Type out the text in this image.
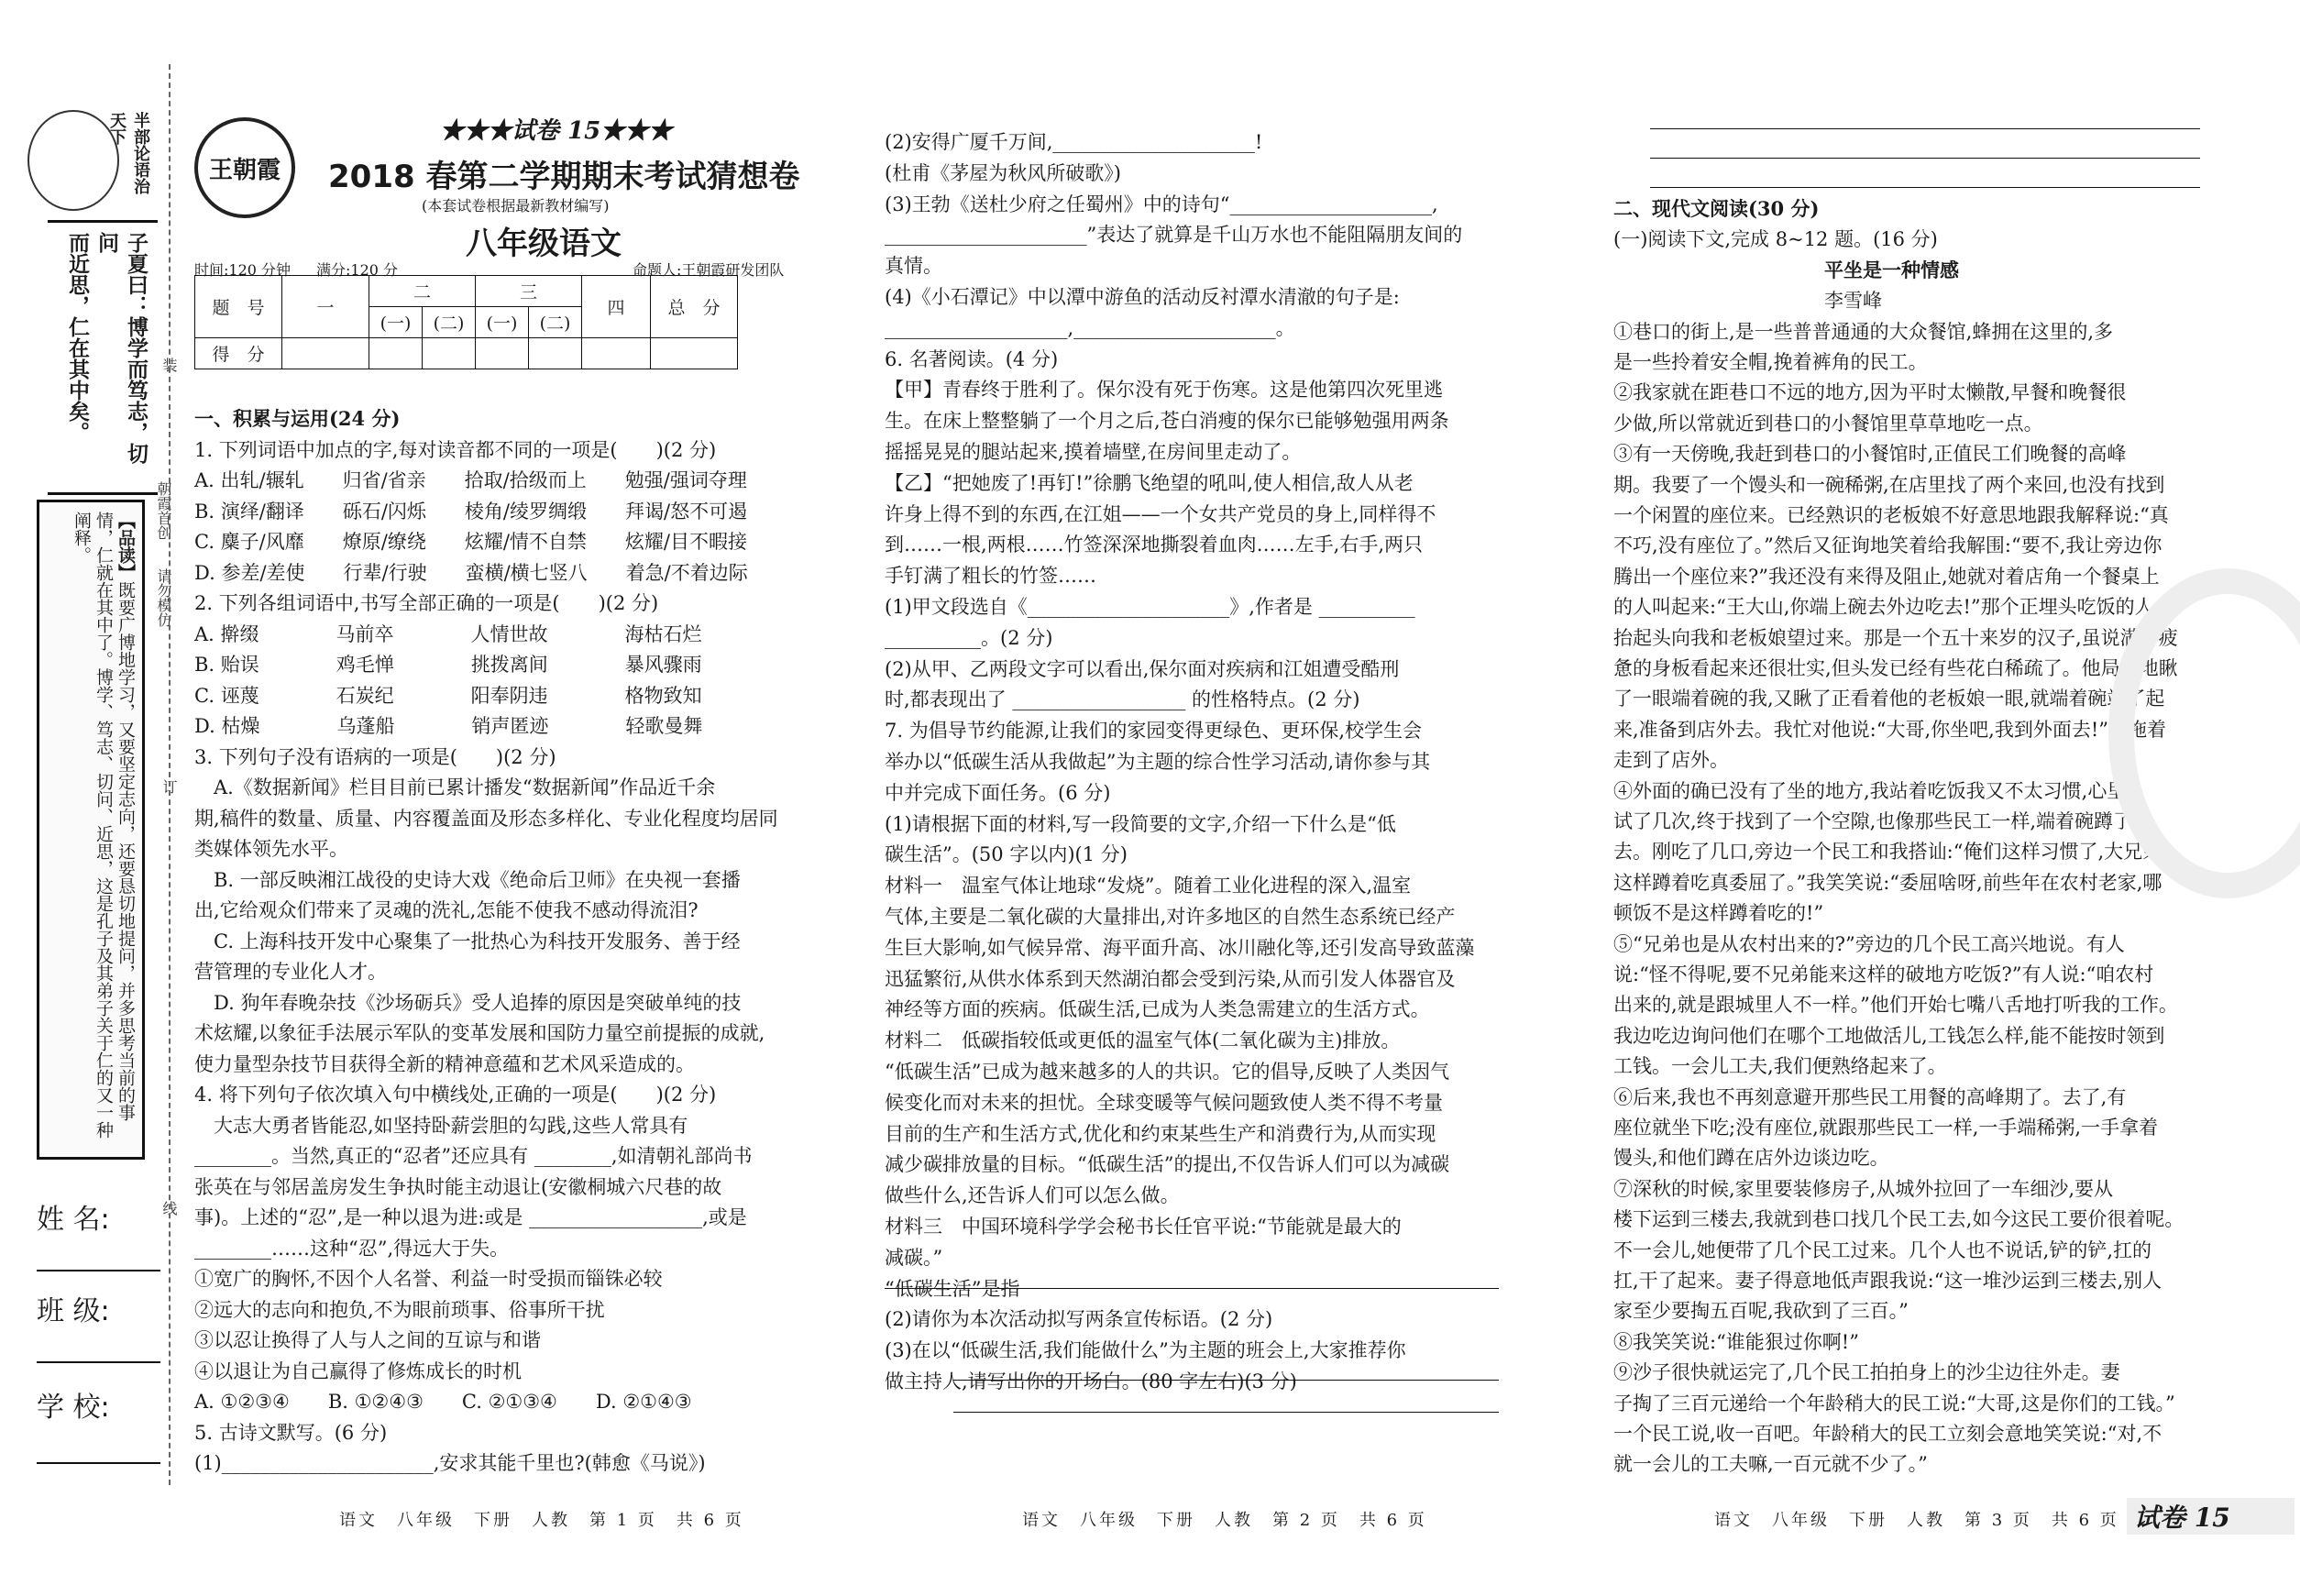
半部论语治天下
子夏曰：博学而笃志，切问
而近思，仁在其中矣。
【品读】既要广博地学习，又要坚定志向，还要恳切地提问，并多思考当前的事情，仁就在其中了。博学、笃志、切问、近思，这是孔子及其弟子关于仁的又一种阐释。	朝霞首创
请勿模仿
装
订
线
姓 名:
班 级:
学 校:
王朝霞
★★★试卷 15★★★
2018 春第二学期期末考试猜想卷
(本套试卷根据最新教材编写)
八年级语文
时间:120 分钟 满分:120 分	命题人:王朝霞研发团队
题　号	一	二		三		四	总　分
		(一)	(二)	(一)	(二)		
得　分							
一、积累与运用(24 分)
1. 下列词语中加点的字,每对读音都不同的一项是(　　)(2 分)
A. 出轧/辗轧　　归省/省亲　　拾取/拾级而上　　勉强/强词夺理
B. 演绎/翻译　　砾石/闪烁　　棱角/绫罗绸缎　　拜谒/怒不可遏
C. 麋子/风靡　　燎原/缭绕　　炫耀/情不自禁　　炫耀/目不暇接
D. 参差/差使　　行辈/行驶　　蛮横/横七竖八　　着急/不着边际
2. 下列各组词语中,书写全部正确的一项是(　　)(2 分)
A. 擀缀　　　　马前卒　　　　人情世故　　　　海枯石烂
B. 贻误　　　　鸡毛惮　　　　挑拨离间　　　　暴风骤雨
C. 诬蔑　　　　石炭纪　　　　阳奉阴违　　　　格物致知
D. 枯燥　　　　乌蓬船　　　　销声匿迹　　　　轻歌曼舞
3. 下列句子没有语病的一项是(　　)(2 分)
　A.《数据新闻》栏目目前已累计播发“数据新闻”作品近千余
期,稿件的数量、质量、内容覆盖面及形态多样化、专业化程度均居同
类媒体领先水平。
　B. 一部反映湘江战役的史诗大戏《绝命后卫师》在央视一套播
出,它给观众们带来了灵魂的洗礼,怎能不使我不感动得流泪?
　C. 上海科技开发中心聚集了一批热心为科技开发服务、善于经
营管理的专业化人才。
　D. 狗年春晚杂技《沙场砺兵》受人追捧的原因是突破单纯的技
术炫耀,以象征手法展示军队的变革发展和国防力量空前提振的成就,
使力量型杂技节目获得全新的精神意蕴和艺术风采造成的。
4. 将下列句子依次填入句中横线处,正确的一项是(　　)(2 分)
　大志大勇者皆能忍,如坚持卧薪尝胆的勾践,这些人常具有
________。当然,真正的“忍者”还应具有 ________,如清朝礼部尚书
张英在与邻居盖房发生争执时能主动退让(安徽桐城六尺巷的故
事)。上述的“忍”,是一种以退为进:或是 __________________,或是
________……这种“忍”,得远大于失。
①宽广的胸怀,不因个人名誉、利益一时受损而锱铢必较
②远大的志向和抱负,不为眼前琐事、俗事所干扰
③以忍让换得了人与人之间的互谅与和谐
④以退让为自己赢得了修炼成长的时机
A. ①②③④　　B. ①②④③　　C. ②①③④　　D. ②①④③
5. 古诗文默写。(6 分)
(1)______________________,安求其能千里也?(韩愈《马说》)
(2)安得广厦千万间,_____________________!
(杜甫《茅屋为秋风所破歌》)
(3)王勃《送杜少府之任蜀州》中的诗句“_____________________,
_____________________”表达了就算是千山万水也不能阻隔朋友间的
真情。
(4)《小石潭记》中以潭中游鱼的活动反衬潭水清澈的句子是:
___________________,_____________________。
6. 名著阅读。(4 分)
【甲】青春终于胜利了。保尔没有死于伤寒。这是他第四次死里逃
生。在床上整整躺了一个月之后,苍白消瘦的保尔已能够勉强用两条
摇摇晃晃的腿站起来,摸着墙壁,在房间里走动了。
【乙】“把她废了!再钉!”徐鹏飞绝望的吼叫,使人相信,敌人从老
许身上得不到的东西,在江姐——一个女共产党员的身上,同样得不
到……一根,两根……竹签深深地撕裂着血肉……左手,右手,两只
手钉满了粗长的竹签……
(1)甲文段选自《_____________________》,作者是 __________
__________。(2 分)
(2)从甲、乙两段文字可以看出,保尔面对疾病和江姐遭受酷刑
时,都表现出了 __________________ 的性格特点。(2 分)
7. 为倡导节约能源,让我们的家园变得更绿色、更环保,校学生会
举办以“低碳生活从我做起”为主题的综合性学习活动,请你参与其
中并完成下面任务。(6 分)
(1)请根据下面的材料,写一段简要的文字,介绍一下什么是“低
碳生活”。(50 字以内)(1 分)
材料一　温室气体让地球“发烧”。随着工业化进程的深入,温室
气体,主要是二氧化碳的大量排出,对许多地区的自然生态系统已经产
生巨大影响,如气候异常、海平面升高、冰川融化等,还引发高导致蓝藻
迅猛繁衍,从供水体系到天然湖泊都会受到污染,从而引发人体器官及
神经等方面的疾病。低碳生活,已成为人类急需建立的生活方式。
材料二　低碳指较低或更低的温室气体(二氧化碳为主)排放。
“低碳生活”已成为越来越多的人的共识。它的倡导,反映了人类因气
候变化而对未来的担忧。全球变暖等气候问题致使人类不得不考量
目前的生产和生活方式,优化和约束某些生产和消费行为,从而实现
减少碳排放量的目标。“低碳生活”的提出,不仅告诉人们可以为减碳
做些什么,还告诉人们可以怎么做。
材料三　中国环境科学学会秘书长任官平说:“节能就是最大的
减碳。”
“低碳生活”是指
(2)请你为本次活动拟写两条宣传标语。(2 分)
(3)在以“低碳生活,我们能做什么”为主题的班会上,大家推荐你
做主持人,请写出你的开场白。(80 字左右)(3 分)
二、现代文阅读(30 分)
(一)阅读下文,完成 8~12 题。(16 分)
平坐是一种情感
李雪峰
①巷口的街上,是一些普普通通的大众餐馆,蜂拥在这里的,多
是一些拎着安全帽,挽着裤角的民工。
②我家就在距巷口不远的地方,因为平时太懒散,早餐和晚餐很
少做,所以常就近到巷口的小餐馆里草草地吃一点。
③有一天傍晚,我赶到巷口的小餐馆时,正值民工们晚餐的高峰
期。我要了一个馒头和一碗稀粥,在店里找了两个来回,也没有找到
一个闲置的座位来。已经熟识的老板娘不好意思地跟我解释说:“真
不巧,没有座位了。”然后又征询地笑着给我解围:“要不,我让旁边你
腾出一个座位来?”我还没有来得及阻止,她就对着店角一个餐桌上
的人叫起来:“王大山,你端上碗去外边吃去!”那个正埋头吃饭的人
抬起头向我和老板娘望过来。那是一个五十来岁的汉子,虽说满身疲
惫的身板看起来还很壮实,但头发已经有些花白稀疏了。他局促地瞅
了一眼端着碗的我,又瞅了正看着他的老板娘一眼,就端着碗站了起
来,准备到店外去。我忙对他说:“大哥,你坐吧,我到外面去!”就拖着
走到了店外。
④外面的确已没有了坐的地方,我站着吃饭我又不太习惯,心里
试了几次,终于找到了一个空隙,也像那些民工一样,端着碗蹲了下
去。刚吃了几口,旁边一个民工和我搭讪:“俺们这样习惯了,大兄弟
这样蹲着吃真委屈了。”我笑笑说:“委屈啥呀,前些年在农村老家,哪
顿饭不是这样蹲着吃的!”
⑤“兄弟也是从农村出来的?”旁边的几个民工高兴地说。有人
说:“怪不得呢,要不兄弟能来这样的破地方吃饭?”有人说:“咱农村
出来的,就是跟城里人不一样。”他们开始七嘴八舌地打听我的工作。
我边吃边询问他们在哪个工地做活儿,工钱怎么样,能不能按时领到
工钱。一会儿工夫,我们便熟络起来了。
⑥后来,我也不再刻意避开那些民工用餐的高峰期了。去了,有
座位就坐下吃;没有座位,就跟那些民工一样,一手端稀粥,一手拿着
馒头,和他们蹲在店外边谈边吃。
⑦深秋的时候,家里要装修房子,从城外拉回了一车细沙,要从
楼下运到三楼去,我就到巷口找几个民工去,如今这民工要价很着呢。
不一会儿,她便带了几个民工过来。几个人也不说话,铲的铲,扛的
扛,干了起来。妻子得意地低声跟我说:“这一堆沙运到三楼去,别人
家至少要掏五百呢,我砍到了三百。”
⑧我笑笑说:“谁能狠过你啊!”
⑨沙子很快就运完了,几个民工拍拍身上的沙尘边往外走。妻
子掏了三百元递给一个年龄稍大的民工说:“大哥,这是你们的工钱。”
一个民工说,收一百吧。年龄稍大的民工立刻会意地笑笑说:“对,不
就一会儿的工夫嘛,一百元就不少了。”
语文　八年级　下册　人教　第 1 页　共 6 页	语文　八年级　下册　人教　第 2 页　共 6 页	语文　八年级　下册　人教　第 3 页　共 6 页 试卷 15
